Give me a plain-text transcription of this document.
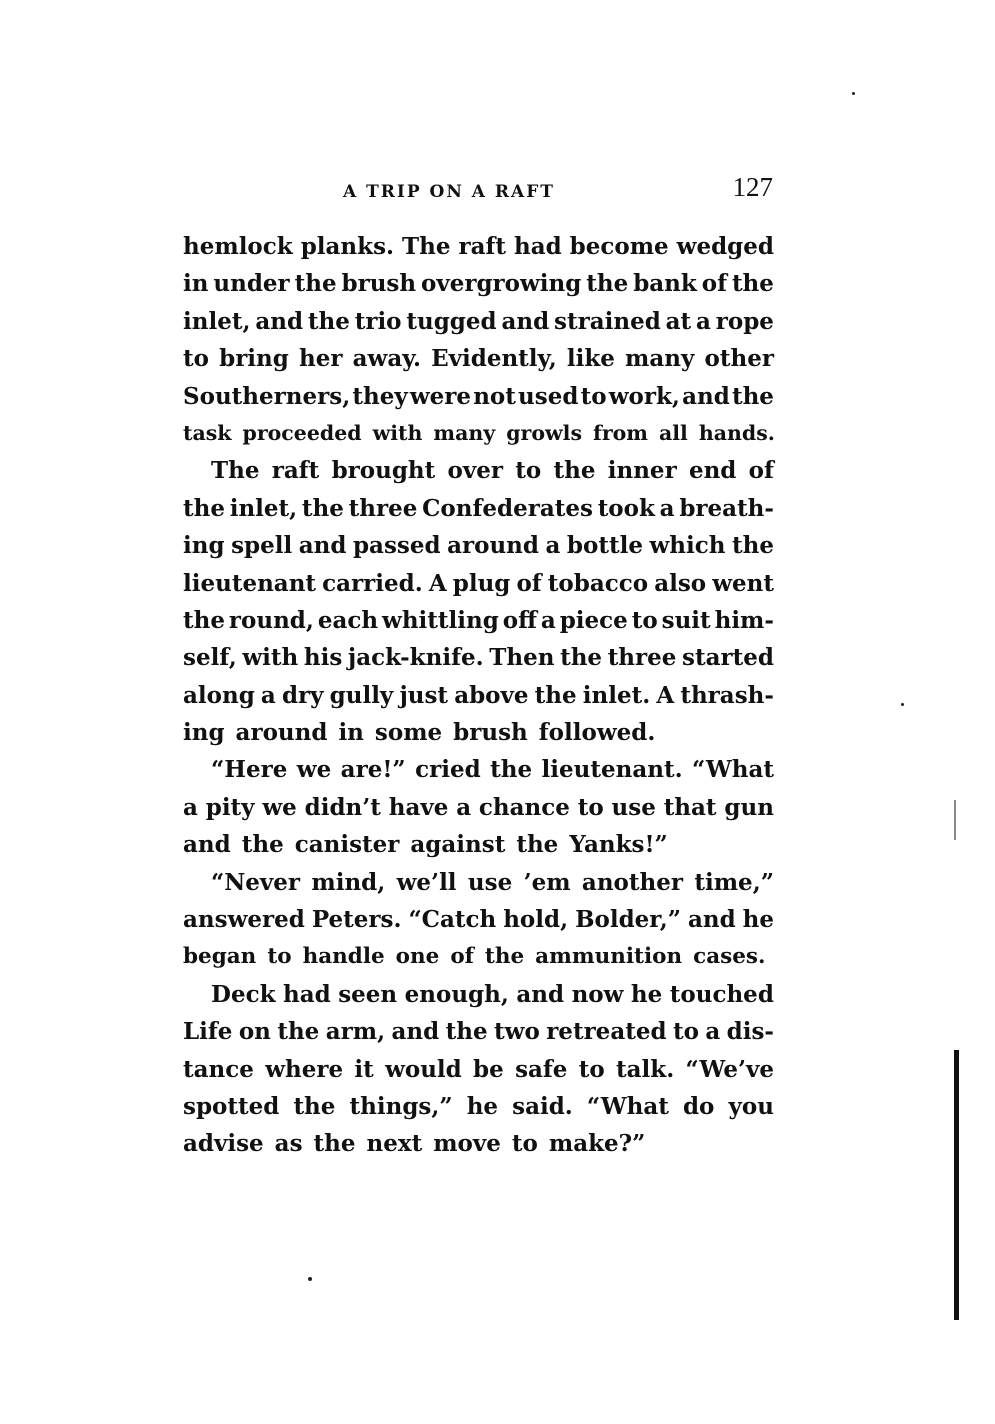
A TRIP ON A RAFT	127
hemlock planks. The raft had become wedged
in under the brush overgrowing the bank of the
inlet, and the trio tugged and strained at a rope
to bring her away. Evidently, like many other
Southerners, they were not used to work, and the
task proceeded with many growls from all hands.
The raft brought over to the inner end of
the inlet, the three Confederates took a breath-
ing spell and passed around a bottle which the
lieutenant carried. A plug of tobacco also went
the round, each whittling off a piece to suit him-
self, with his jack-knife. Then the three started
along a dry gully just above the inlet. A thrash-
ing around in some brush followed.
“Here we are!” cried the lieutenant. “What
a pity we didn’t have a chance to use that gun
and the canister against the Yanks!”
“Never mind, we’ll use ’em another time,”
answered Peters. “Catch hold, Bolder,” and he
began to handle one of the ammunition cases.
Deck had seen enough, and now he touched
Life on the arm, and the two retreated to a dis-
tance where it would be safe to talk. “We’ve
spotted the things,” he said. “What do you
advise as the next move to make?”
